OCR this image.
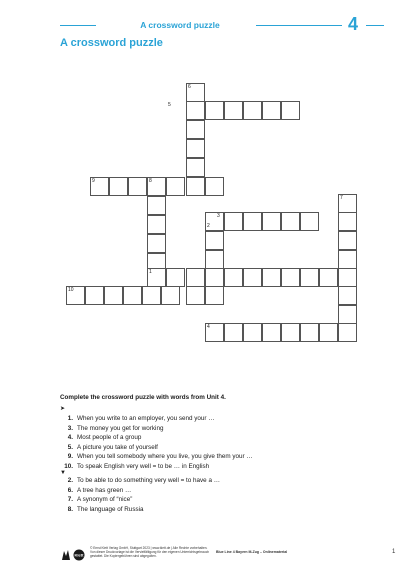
A crossword puzzle	4
A crossword puzzle
6
5
9	8
7
3
2
1
10
4
Complete the crossword puzzle with words from Unit 4.
➤
1. When you write to an employer, you send your …
3. The money you get for working
4. Most people of a group
5. A picture you take of yourself
9. When you tell somebody where you live, you give them your …
10. To speak English very well = to be … in English
▼
2. To be able to do something very well = to have a …
6. A tree has green …
7. A synonym of “nice”
8. The language of Russia
Klett
© Ernst Klett Verlag GmbH, Stuttgart 2023 | www.klett.de | Alle Rechte vorbehalten. Von dieser Druckvorlage ist die Vervielfältigung für den eigenen Unterrichtsgebrauch gestattet. Die Kopiergebühren sind abgegolten.
Blue Line 4 Bayern M-Zug – Onlinematerial	1
